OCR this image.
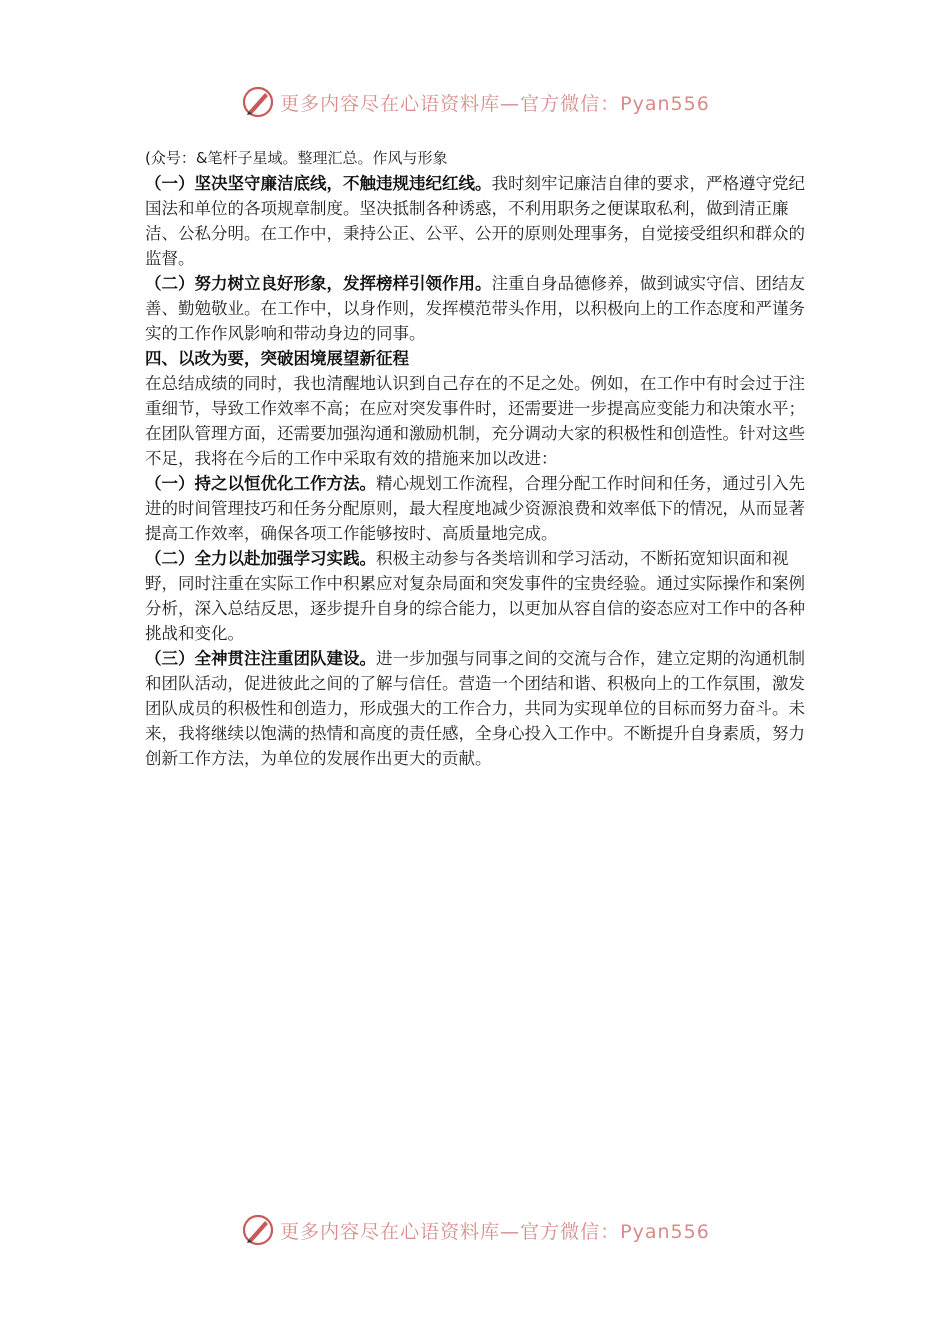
更多内容尽在心语资料库—官方微信：Pyan556

(众号：&笔杆子星域。整理汇总。作风与形象

（一）坚决坚守廉洁底线，不触违规违纪红线。我时刻牢记廉洁自律的要求，严格遵守党纪国法和单位的各项规章制度。坚决抵制各种诱惑，不利用职务之便谋取私利，做到清正廉洁、公私分明。在工作中，秉持公正、公平、公开的原则处理事务，自觉接受组织和群众的监督。

（二）努力树立良好形象，发挥榜样引领作用。注重自身品德修养，做到诚实守信、团结友善、勤勉敬业。在工作中，以身作则，发挥模范带头作用，以积极向上的工作态度和严谨务实的工作作风影响和带动身边的同事。

四、以改为要，突破困境展望新征程

在总结成绩的同时，我也清醒地认识到自己存在的不足之处。例如，在工作中有时会过于注重细节，导致工作效率不高；在应对突发事件时，还需要进一步提高应变能力和决策水平；在团队管理方面，还需要加强沟通和激励机制，充分调动大家的积极性和创造性。针对这些不足，我将在今后的工作中采取有效的措施来加以改进：

（一）持之以恒优化工作方法。精心规划工作流程，合理分配工作时间和任务，通过引入先进的时间管理技巧和任务分配原则，最大程度地减少资源浪费和效率低下的情况，从而显著提高工作效率，确保各项工作能够按时、高质量地完成。

（二）全力以赴加强学习实践。积极主动参与各类培训和学习活动，不断拓宽知识面和视野，同时注重在实际工作中积累应对复杂局面和突发事件的宝贵经验。通过实际操作和案例分析，深入总结反思，逐步提升自身的综合能力，以更加从容自信的姿态应对工作中的各种挑战和变化。

（三）全神贯注注重团队建设。进一步加强与同事之间的交流与合作，建立定期的沟通机制和团队活动，促进彼此之间的了解与信任。营造一个团结和谐、积极向上的工作氛围，激发团队成员的积极性和创造力，形成强大的工作合力，共同为实现单位的目标而努力奋斗。未来，我将继续以饱满的热情和高度的责任感，全身心投入工作中。不断提升自身素质，努力创新工作方法，为单位的发展作出更大的贡献。

更多内容尽在心语资料库—官方微信：Pyan556
